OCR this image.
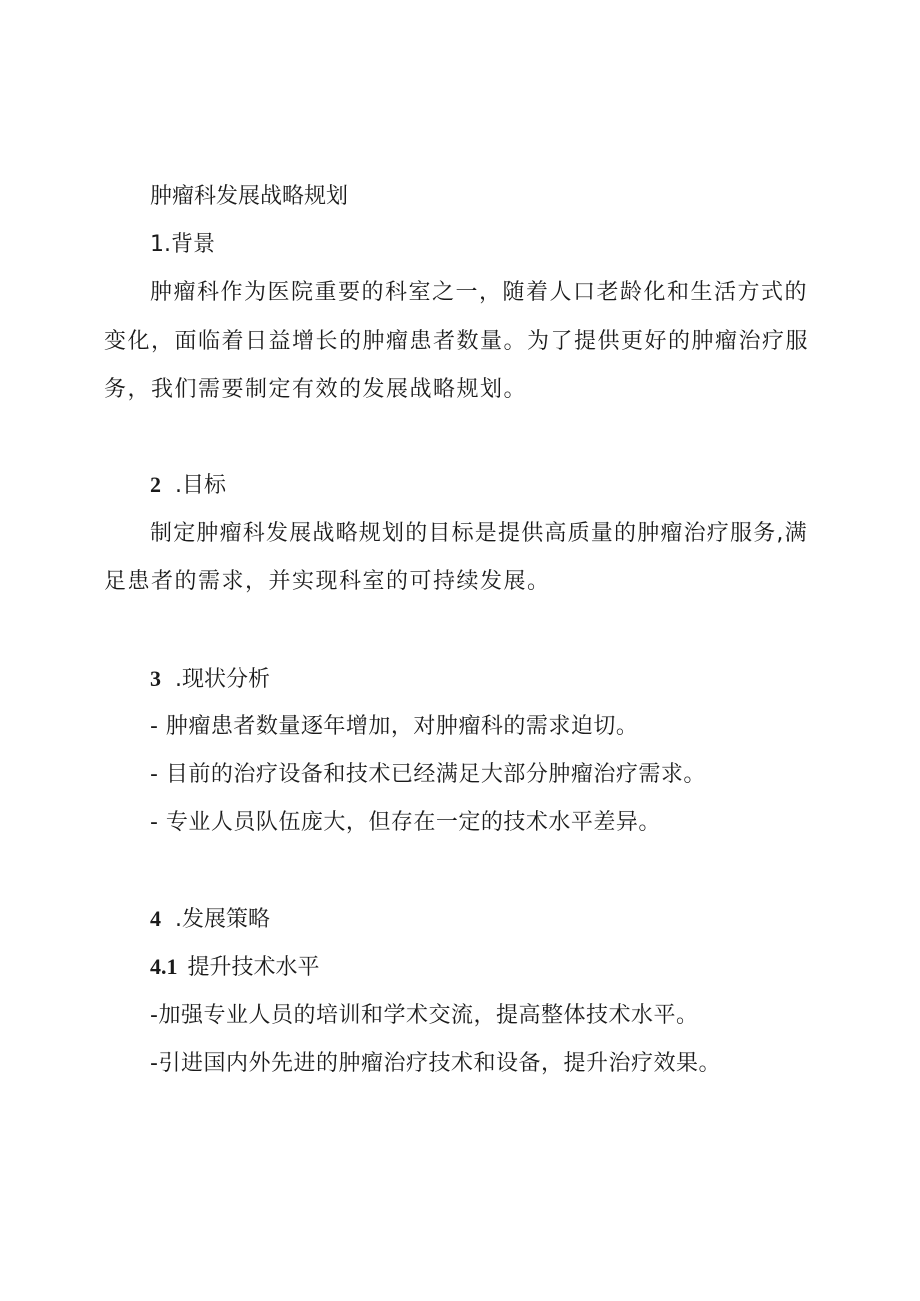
肿瘤科发展战略规划
1.背景
肿瘤科作为医院重要的科室之一，随着人口老龄化和生活方式的
变化，面临着日益增长的肿瘤患者数量。为了提供更好的肿瘤治疗服
务，我们需要制定有效的发展战略规划。
2 .目标
制定肿瘤科发展战略规划的目标是提供高质量的肿瘤治疗服务,满
足患者的需求，并实现科室的可持续发展。
3 .现状分析
- 肿瘤患者数量逐年增加，对肿瘤科的需求迫切。
- 目前的治疗设备和技术已经满足大部分肿瘤治疗需求。
- 专业人员队伍庞大，但存在一定的技术水平差异。
4 .发展策略
4.1 提升技术水平
-加强专业人员的培训和学术交流，提高整体技术水平。
-引进国内外先进的肿瘤治疗技术和设备，提升治疗效果。
